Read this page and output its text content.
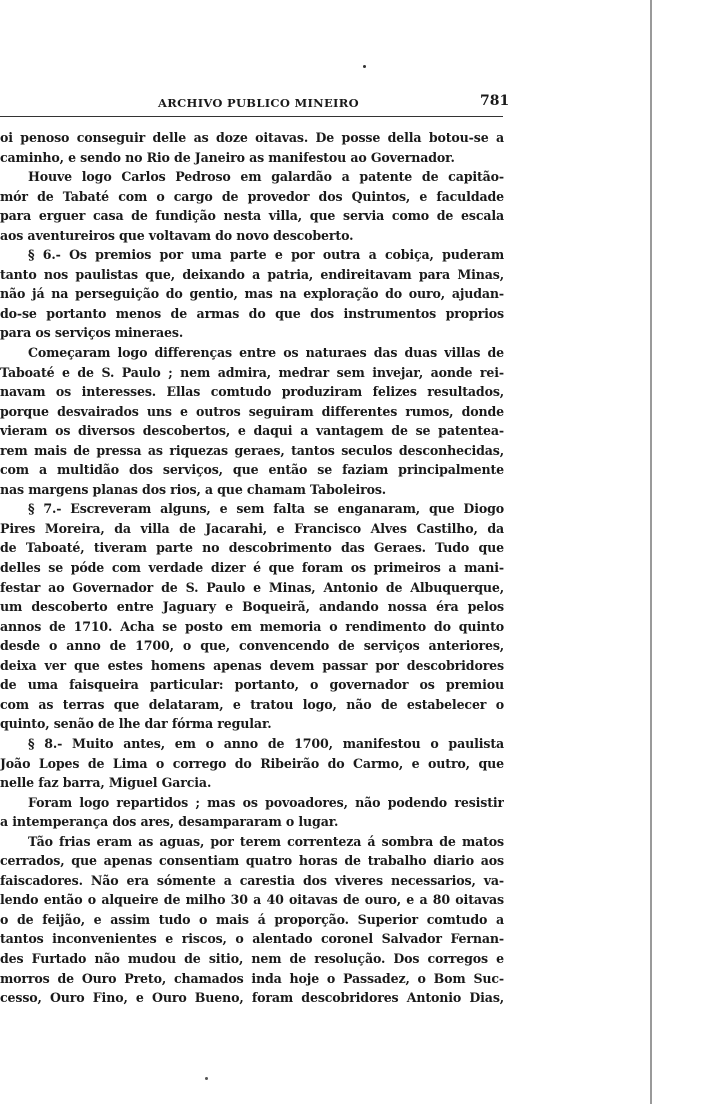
ARCHIVO PUBLICO MINEIRO	781
oi penoso conseguir delle as doze oitavas. De posse della botou-se a
caminho, e sendo no Rio de Janeiro as manifestou ao Governador.
Houve logo Carlos Pedroso em galardão a patente de capitão-
mór de Tabaté com o cargo de provedor dos Quintos, e faculdade
para erguer casa de fundição nesta villa, que servia como de escala
aos aventureiros que voltavam do novo descoberto.
§ 6.- Os premios por uma parte e por outra a cobiça, puderam
tanto nos paulistas que, deixando a patria, endireitavam para Minas,
não já na perseguição do gentio, mas na exploração do ouro, ajudan-
do-se portanto menos de armas do que dos instrumentos proprios
para os serviços mineraes.
Começaram logo differenças entre os naturaes das duas villas de
Taboaté e de S. Paulo ; nem admira, medrar sem invejar, aonde rei-
navam os interesses. Ellas comtudo produziram felizes resultados,
porque desvairados uns e outros seguiram differentes rumos, donde
vieram os diversos descobertos, e daqui a vantagem de se patentea-
rem mais de pressa as riquezas geraes, tantos seculos desconhecidas,
com a multidão dos serviços, que então se faziam principalmente
nas margens planas dos rios, a que chamam Taboleiros.
§ 7.- Escreveram alguns, e sem falta se enganaram, que Diogo
Pires Moreira, da villa de Jacarahi, e Francisco Alves Castilho, da
de Taboaté, tiveram parte no descobrimento das Geraes. Tudo que
delles se póde com verdade dizer é que foram os primeiros a mani-
festar ao Governador de S. Paulo e Minas, Antonio de Albuquerque,
um descoberto entre Jaguary e Boqueirã, andando nossa éra pelos
annos de 1710. Acha se posto em memoria o rendimento do quinto
desde o anno de 1700, o que, convencendo de serviços anteriores,
deixa ver que estes homens apenas devem passar por descobridores
de uma faisqueira particular: portanto, o governador os premiou
com as terras que delataram, e tratou logo, não de estabelecer o
quinto, senão de lhe dar fórma regular.
§ 8.- Muito antes, em o anno de 1700, manifestou o paulista
João Lopes de Lima o corrego do Ribeirão do Carmo, e outro, que
nelle faz barra, Miguel Garcia.
Foram logo repartidos ; mas os povoadores, não podendo resistir
a intemperança dos ares, desampararam o lugar.
Tão frias eram as aguas, por terem correnteza á sombra de matos
cerrados, que apenas consentiam quatro horas de trabalho diario aos
faiscadores. Não era sómente a carestia dos viveres necessarios, va-
lendo então o alqueire de milho 30 a 40 oitavas de ouro, e a 80 oitavas
o de feijão, e assim tudo o mais á proporção. Superior comtudo a
tantos inconvenientes e riscos, o alentado coronel Salvador Fernan-
des Furtado não mudou de sitio, nem de resolução. Dos corregos e
morros de Ouro Preto, chamados inda hoje o Passadez, o Bom Suc-
cesso, Ouro Fino, e Ouro Bueno, foram descobridores Antonio Dias,
